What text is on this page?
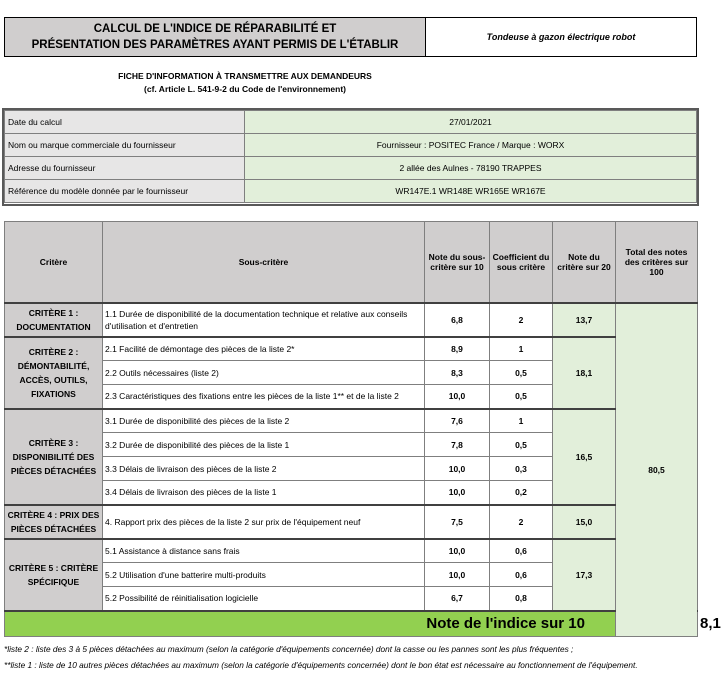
CALCUL DE L'INDICE DE RÉPARABILITÉ ET
PRÉSENTATION DES PARAMÈTRES AYANT PERMIS DE L'ÉTABLIR
Tondeuse à gazon électrique robot
FICHE D'INFORMATION À TRANSMETTRE AUX DEMANDEURS
(cf. Article L. 541-9-2 du Code de l'environnement)
Date du calcul	27/01/2021
Nom ou marque commerciale du fournisseur	Fournisseur : POSITEC France / Marque : WORX
Adresse du fournisseur	2 allée des Aulnes - 78190 TRAPPES
Référence du modèle donnée par le fournisseur	WR147E.1 WR148E WR165E WR167E
Critère	Sous-critère	Note du sous-critère sur 10	Coefficient du sous critère	Note du critère sur 20	Total des notes des critères sur 100	
CRITÈRE 1 : DOCUMENTATION	1.1 Durée de disponibilité de la documentation technique et relative aux conseils d'utilisation et d'entretien	6,8	2	13,7	80,5	
CRITÈRE 2 : DÉMONTABILITÉ, ACCÈS, OUTILS, FIXATIONS	2.1 Facilité de démontage des pièces de la liste 2*	8,9	1	18,1		
	2.2 Outils nécessaires (liste 2)	8,3	0,5			
	2.3 Caractéristiques des fixations entre les pièces de la liste 1** et de la liste 2	10,0	0,5			
CRITÈRE 3 : DISPONIBILITÉ DES PIÈCES DÉTACHÉES	3.1 Durée de disponibilité des pièces de la liste 2	7,6	1	16,5		
	3.2 Durée de disponibilité des pièces de la liste 1	7,8	0,5			
	3.3 Délais de livraison des pièces de la liste 2	10,0	0,3			
	3.4 Délais de livraison des pièces de la liste 1	10,0	0,2			
CRITÈRE 4 : PRIX DES PIÈCES DÉTACHÉES	4. Rapport prix des pièces de la liste 2 sur prix de l'équipement neuf	7,5	2	15,0		
CRITÈRE 5 : CRITÈRE SPÉCIFIQUE	5.1 Assistance à distance sans frais	10,0	0,6	17,3		
	5.2 Utilisation d'une batterire multi-produits	10,0	0,6			
	5.2 Possibilité de réinitialisation logicielle	6,7	0,8			
Note de l'indice sur 10						8,1
*liste 2 : liste des 3 à 5 pièces détachées au maximum (selon la catégorie d'équipements concernée) dont la casse ou les pannes sont les plus fréquentes ;
**liste 1 : liste de 10 autres pièces détachées au maximum (selon la catégorie d'équipements concernée) dont le bon état est nécessaire au fonctionnement de l'équipement.
